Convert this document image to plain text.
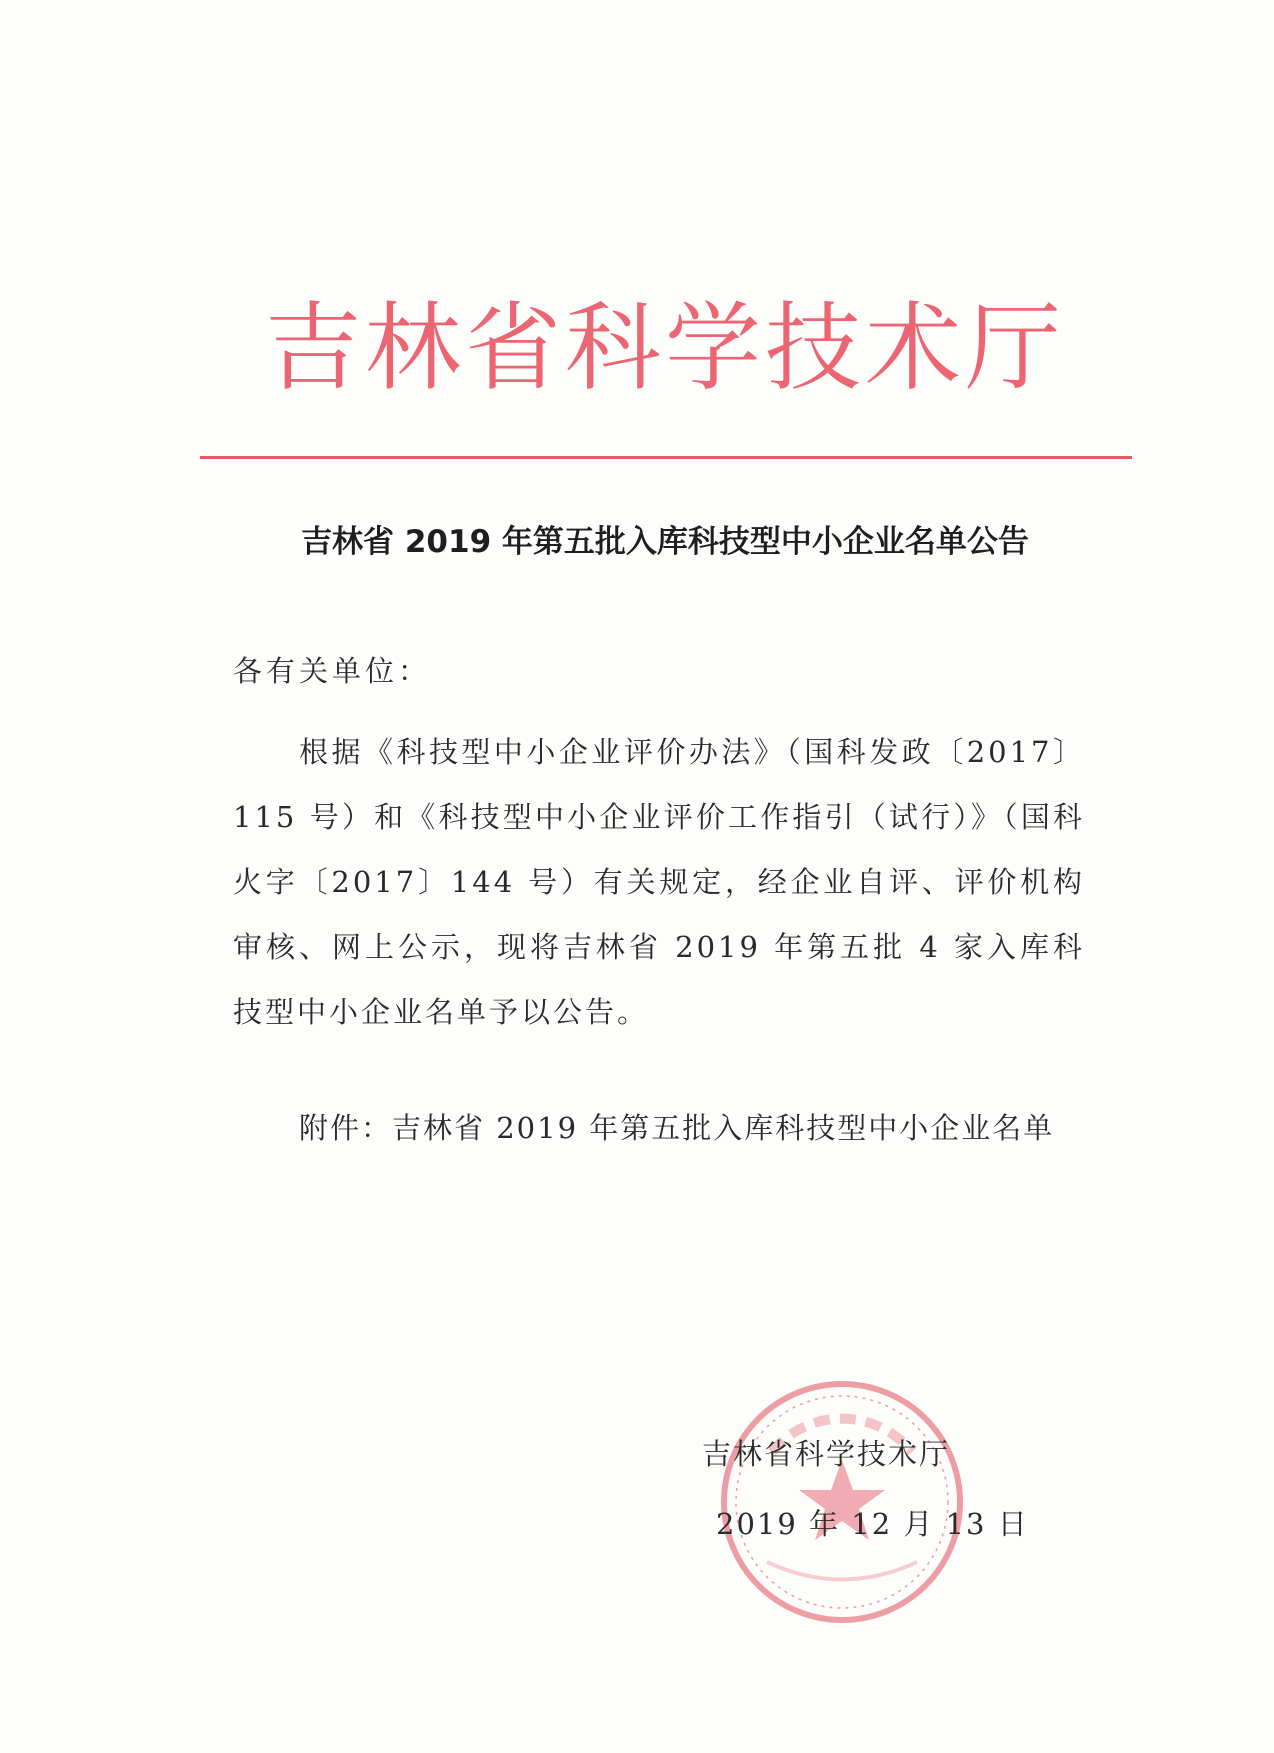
吉林省科学技术厅
吉林省 2019 年第五批入库科技型中小企业名单公告
各有关单位：
根据《科技型中小企业评价办法》（国科发政〔2017〕115 号）和《科技型中小企业评价工作指引（试行）》（国科火字〔2017〕144 号）有关规定，经企业自评、评价机构审核、网上公示，现将吉林省 2019 年第五批 4 家入库科技型中小企业名单予以公告。
附件：吉林省 2019 年第五批入库科技型中小企业名单
吉林省科学技术厅
2019 年 12 月 13 日
